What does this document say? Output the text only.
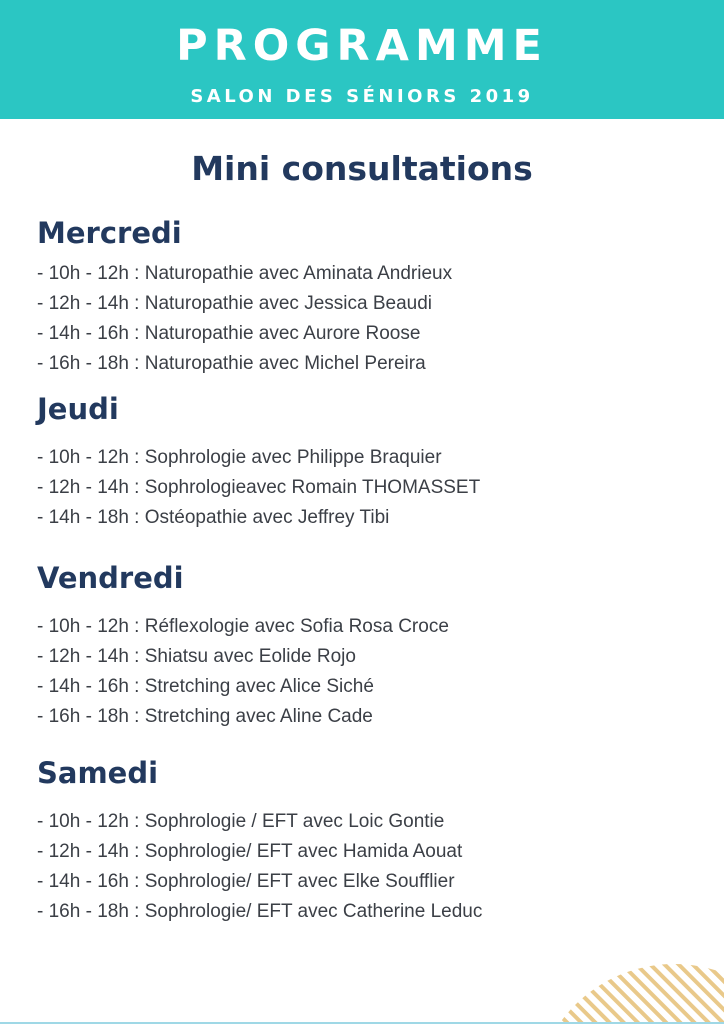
PROGRAMME
SALON DES SÉNIORS 2019
Mini consultations
Mercredi
- 10h - 12h : Naturopathie avec Aminata Andrieux
- 12h - 14h : Naturopathie avec Jessica Beaudi
- 14h - 16h : Naturopathie avec Aurore Roose
- 16h - 18h : Naturopathie avec Michel Pereira
Jeudi
- 10h - 12h : Sophrologie avec Philippe Braquier
- 12h - 14h : Sophrologieavec Romain THOMASSET
- 14h - 18h : Ostéopathie avec Jeffrey Tibi
Vendredi
- 10h - 12h : Réflexologie avec Sofia Rosa Croce
- 12h - 14h : Shiatsu avec Eolide Rojo
- 14h - 16h : Stretching avec Alice Siché
- 16h - 18h : Stretching avec Aline Cade
Samedi
- 10h - 12h : Sophrologie / EFT avec Loic Gontie
- 12h - 14h : Sophrologie/ EFT avec Hamida Aouat
- 14h - 16h : Sophrologie/ EFT avec Elke Soufflier
- 16h - 18h : Sophrologie/ EFT avec Catherine Leduc
